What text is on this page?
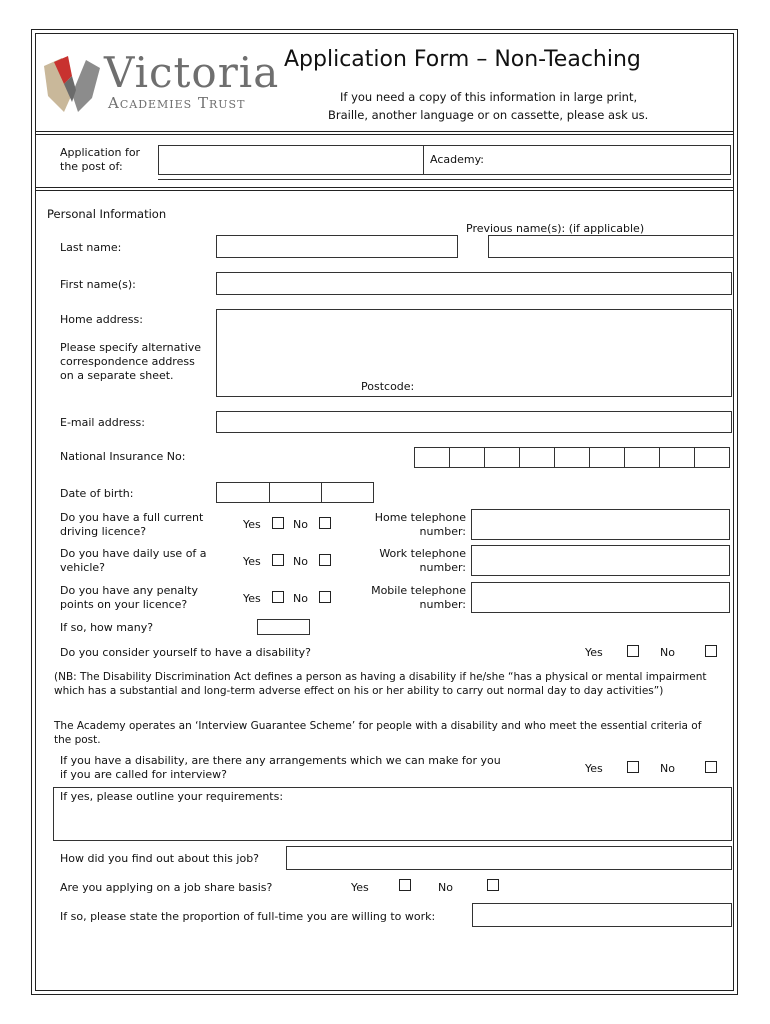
Victoria
Academies Trust
Application Form – Non-Teaching
If you need a copy of this information in large print,
Braille, another language or on cassette, please ask us.
Application for
the post of:
Academy:
Personal Information
Previous name(s): (if applicable)
Last name:
First name(s):
Home address:
Please specify alternative
correspondence address
on a separate sheet.
Postcode:
E-mail address:
National Insurance No:
Date of birth:
Do you have a full current
driving licence?
Yes	No
Do you have daily use of a
vehicle?	Yes	No
Do you have any penalty
points on your licence?	Yes	No
If so, how many?
Home telephone
number:
Work telephone
number:
Mobile telephone
number:
Do you consider yourself to have a disability?	Yes	No
(NB: The Disability Discrimination Act defines a person as having a disability if he/she “has a physical or mental impairment which has a substantial and long-term adverse effect on his or her ability to carry out normal day to day activities”)
The Academy operates an ‘Interview Guarantee Scheme’ for people with a disability and who meet the essential criteria of the post.
If you have a disability, are there any arrangements which we can make for you
if you are called for interview?	Yes	No
If yes, please outline your requirements:
How did you find out about this job?
Are you applying on a job share basis?	Yes	No
If so, please state the proportion of full-time you are willing to work:
